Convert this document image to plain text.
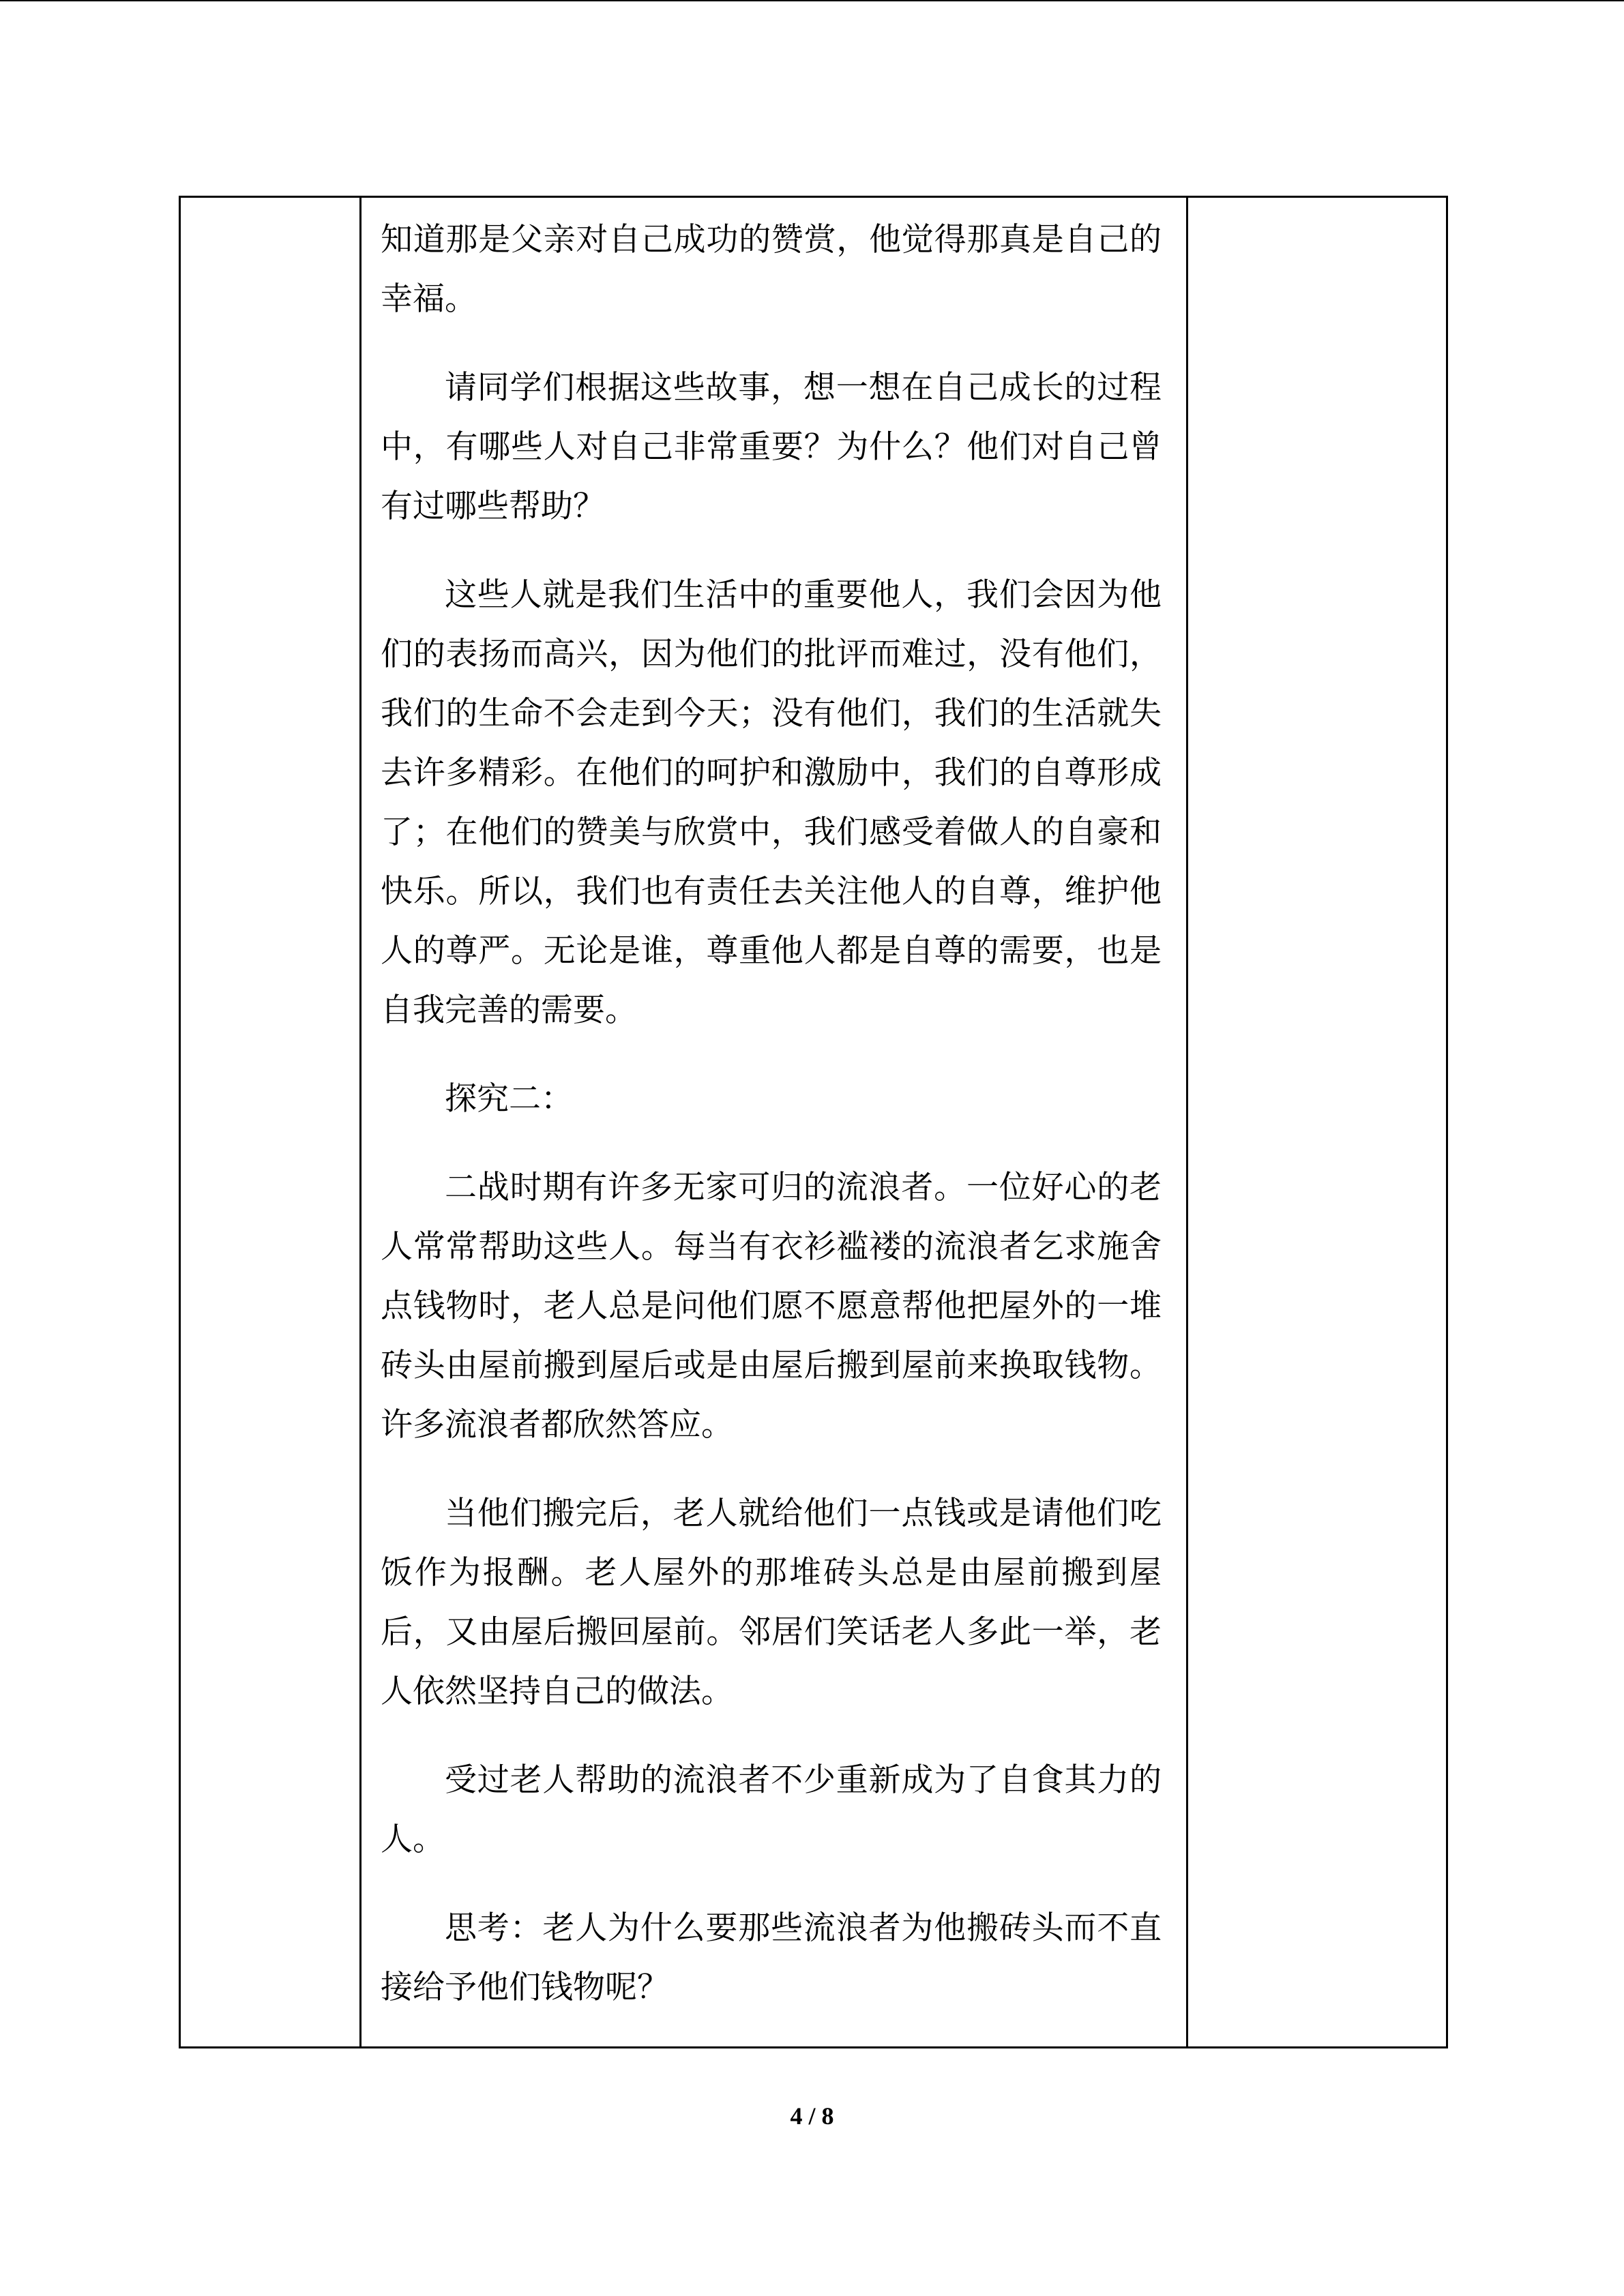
知道那是父亲对自己成功的赞赏，他觉得那真是自己的幸福。

请同学们根据这些故事，想一想在自己成长的过程中，有哪些人对自己非常重要？为什么？他们对自己曾有过哪些帮助？

这些人就是我们生活中的重要他人，我们会因为他们的表扬而高兴，因为他们的批评而难过，没有他们，我们的生命不会走到今天；没有他们，我们的生活就失去许多精彩。在他们的呵护和激励中，我们的自尊形成了；在他们的赞美与欣赏中，我们感受着做人的自豪和快乐。所以，我们也有责任去关注他人的自尊，维护他人的尊严。无论是谁，尊重他人都是自尊的需要，也是自我完善的需要。

探究二：

二战时期有许多无家可归的流浪者。一位好心的老人常常帮助这些人。每当有衣衫褴褛的流浪者乞求施舍点钱物时，老人总是问他们愿不愿意帮他把屋外的一堆砖头由屋前搬到屋后或是由屋后搬到屋前来换取钱物。许多流浪者都欣然答应。

当他们搬完后，老人就给他们一点钱或是请他们吃饭作为报酬。老人屋外的那堆砖头总是由屋前搬到屋后，又由屋后搬回屋前。邻居们笑话老人多此一举，老人依然坚持自己的做法。

受过老人帮助的流浪者不少重新成为了自食其力的人。

思考：老人为什么要那些流浪者为他搬砖头而不直接给予他们钱物呢？

4 / 8
